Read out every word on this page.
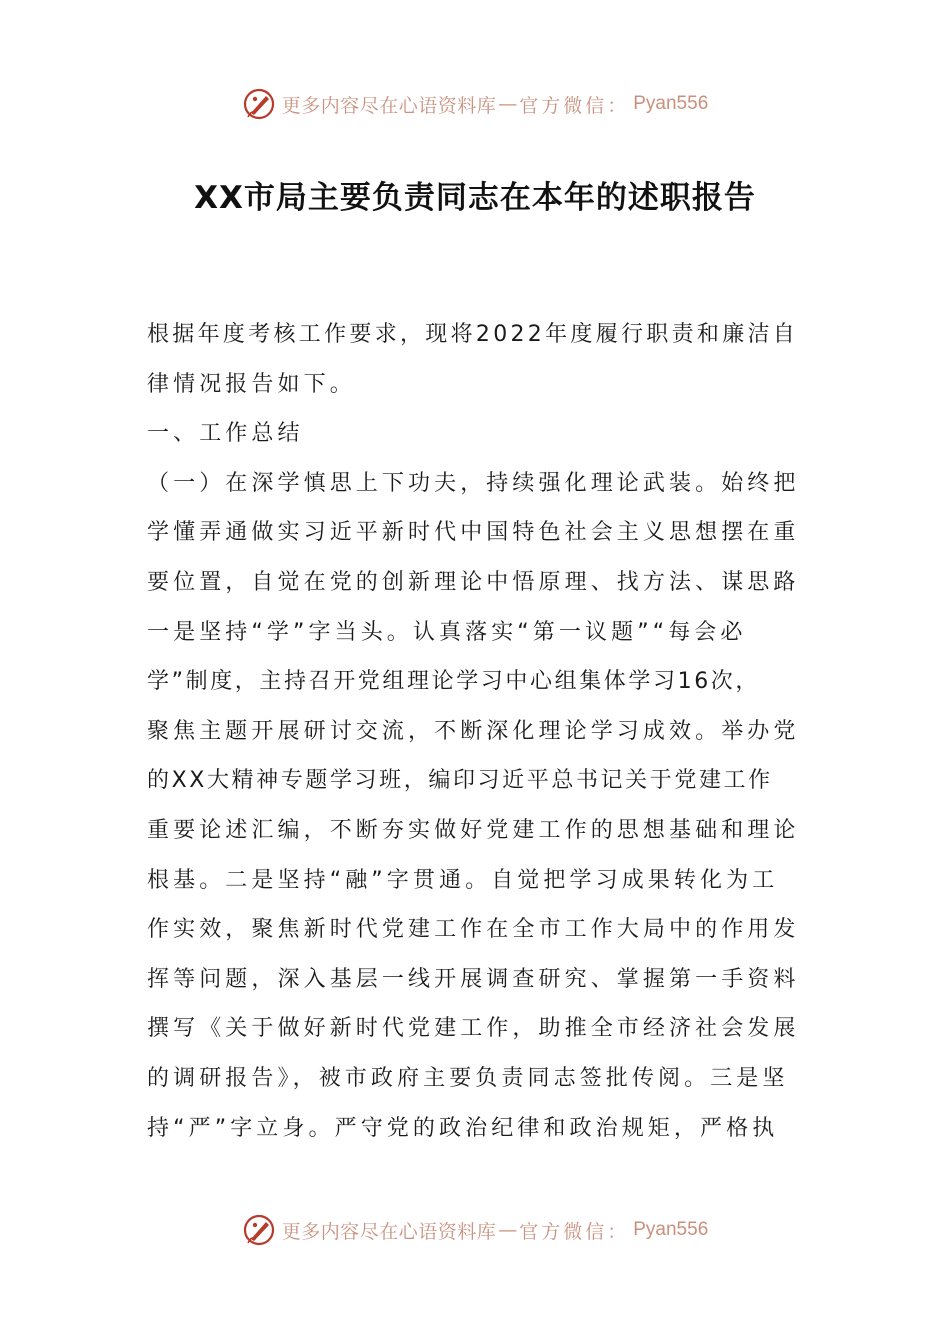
更多内容尽在心语资料库 — 官方微信： Pyan556
XX市局主要负责同志在本年的述职报告
根据年度考核工作要求，现将2022年度履行职责和廉洁自
律情况报告如下。
一、工作总结
（一）在深学慎思上下功夫，持续强化理论武装。始终把
学懂弄通做实习近平新时代中国特色社会主义思想摆在重
要位置，自觉在党的创新理论中悟原理、找方法、谋思路
一是坚持“学”字当头。认真落实“第一议题”“每会必
学”制度，主持召开党组理论学习中心组集体学习16次，
聚焦主题开展研讨交流，不断深化理论学习成效。举办党
的XX大精神专题学习班，编印习近平总书记关于党建工作
重要论述汇编，不断夯实做好党建工作的思想基础和理论
根基。二是坚持“融”字贯通。自觉把学习成果转化为工
作实效，聚焦新时代党建工作在全市工作大局中的作用发
挥等问题，深入基层一线开展调查研究、掌握第一手资料
撰写《关于做好新时代党建工作，助推全市经济社会发展
的调研报告》，被市政府主要负责同志签批传阅。三是坚
持“严”字立身。严守党的政治纪律和政治规矩，严格执
更多内容尽在心语资料库 — 官方微信： Pyan556
